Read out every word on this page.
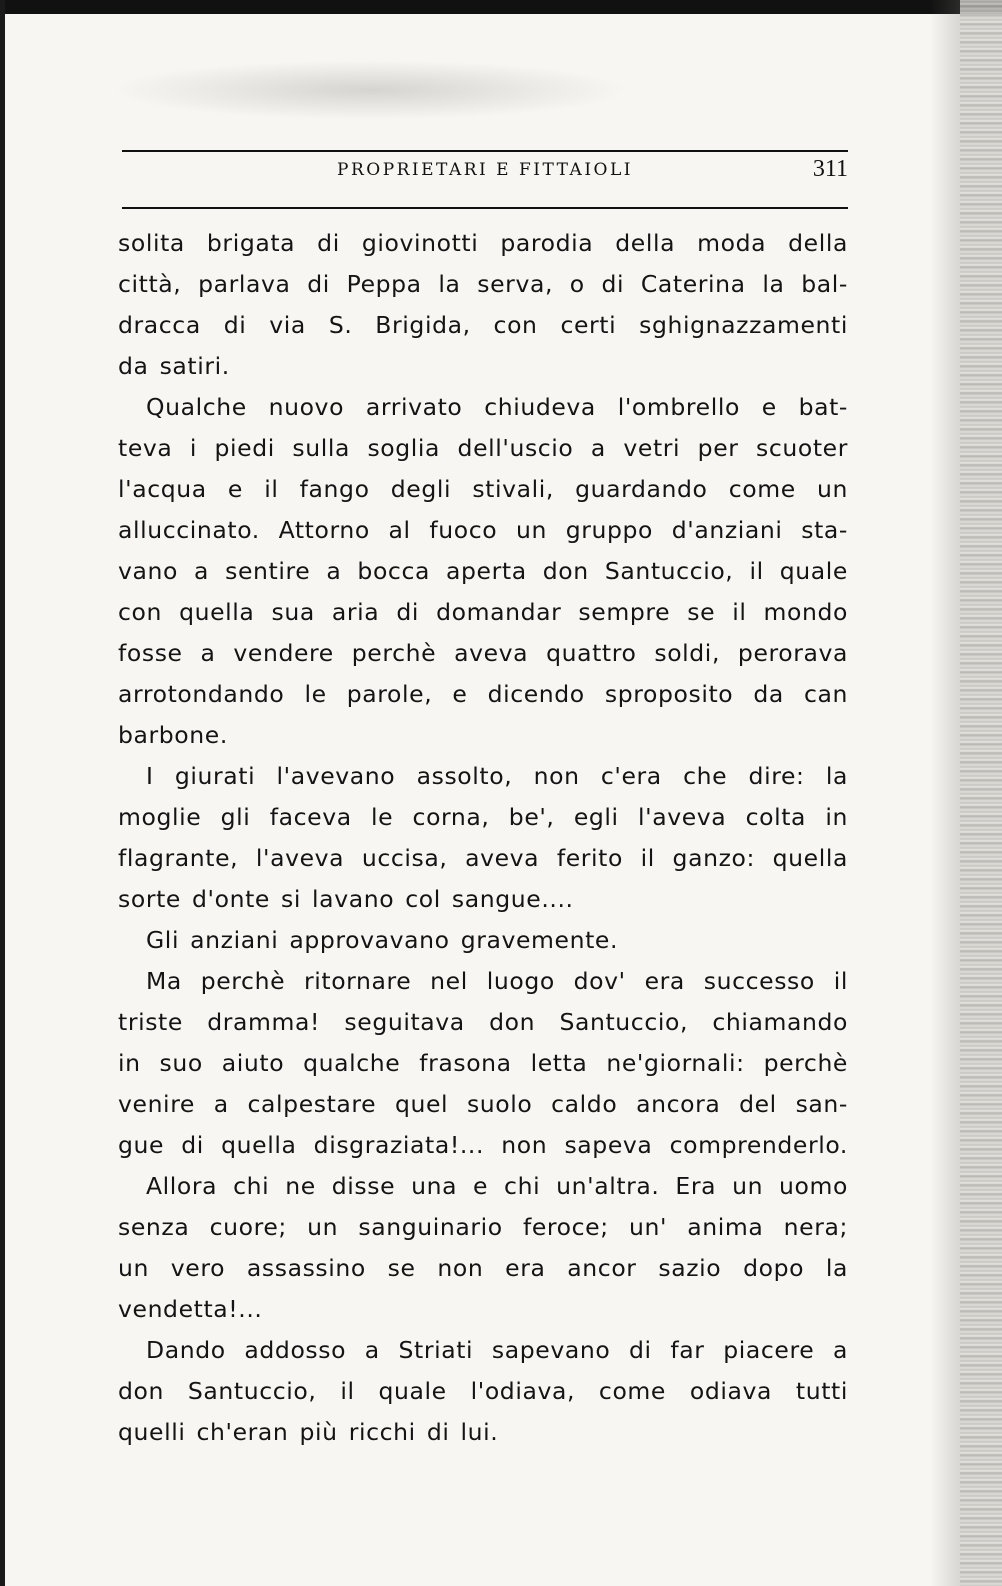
PROPRIETARI E FITTAIOLI	311
solita brigata di giovinotti parodia della moda della
città, parlava di Peppa la serva, o di Caterina la bal-
dracca di via S. Brigida, con certi sghignazzamenti
da satiri.
Qualche nuovo arrivato chiudeva l'ombrello e bat-
teva i piedi sulla soglia dell'uscio a vetri per scuoter
l'acqua e il fango degli stivali, guardando come un
alluccinato. Attorno al fuoco un gruppo d'anziani sta-
vano a sentire a bocca aperta don Santuccio, il quale
con quella sua aria di domandar sempre se il mondo
fosse a vendere perchè aveva quattro soldi, perorava
arrotondando le parole, e dicendo sproposito da can
barbone.
I giurati l'avevano assolto, non c'era che dire: la
moglie gli faceva le corna, be', egli l'aveva colta in
flagrante, l'aveva uccisa, aveva ferito il ganzo: quella
sorte d'onte si lavano col sangue....
Gli anziani approvavano gravemente.
Ma perchè ritornare nel luogo dov' era successo il
triste dramma! seguitava don Santuccio, chiamando
in suo aiuto qualche frasona letta ne'giornali: perchè
venire a calpestare quel suolo caldo ancora del san-
gue di quella disgraziata!... non sapeva comprenderlo.
Allora chi ne disse una e chi un'altra. Era un uomo
senza cuore; un sanguinario feroce; un' anima nera;
un vero assassino se non era ancor sazio dopo la
vendetta!...
Dando addosso a Striati sapevano di far piacere a
don Santuccio, il quale l'odiava, come odiava tutti
quelli ch'eran più ricchi di lui.
